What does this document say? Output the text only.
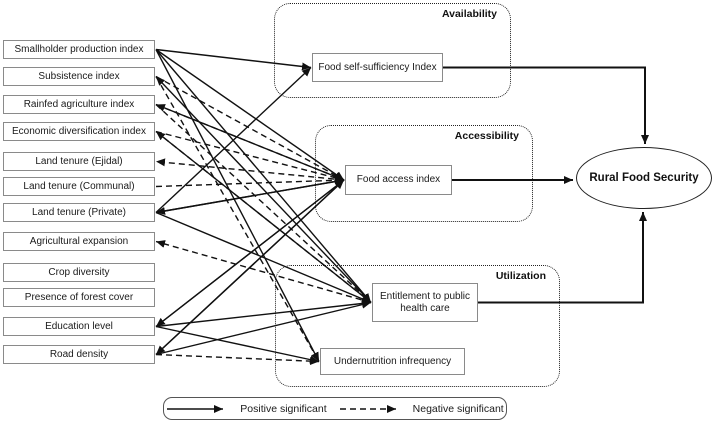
Availability
Accessibility
Utilization
Smallholder production index
Subsistence index
Rainfed agriculture index
Economic diversification index
Land tenure (Ejidal)
Land tenure (Communal)
Land tenure (Private)
Agricultural expansion
Crop diversity
Presence of forest cover
Education level
Road density
Food self-sufficiency Index
Food access index
Entitlement to public health care
Undernutrition infrequency
Rural Food Security
Positive significant	Negative significant
